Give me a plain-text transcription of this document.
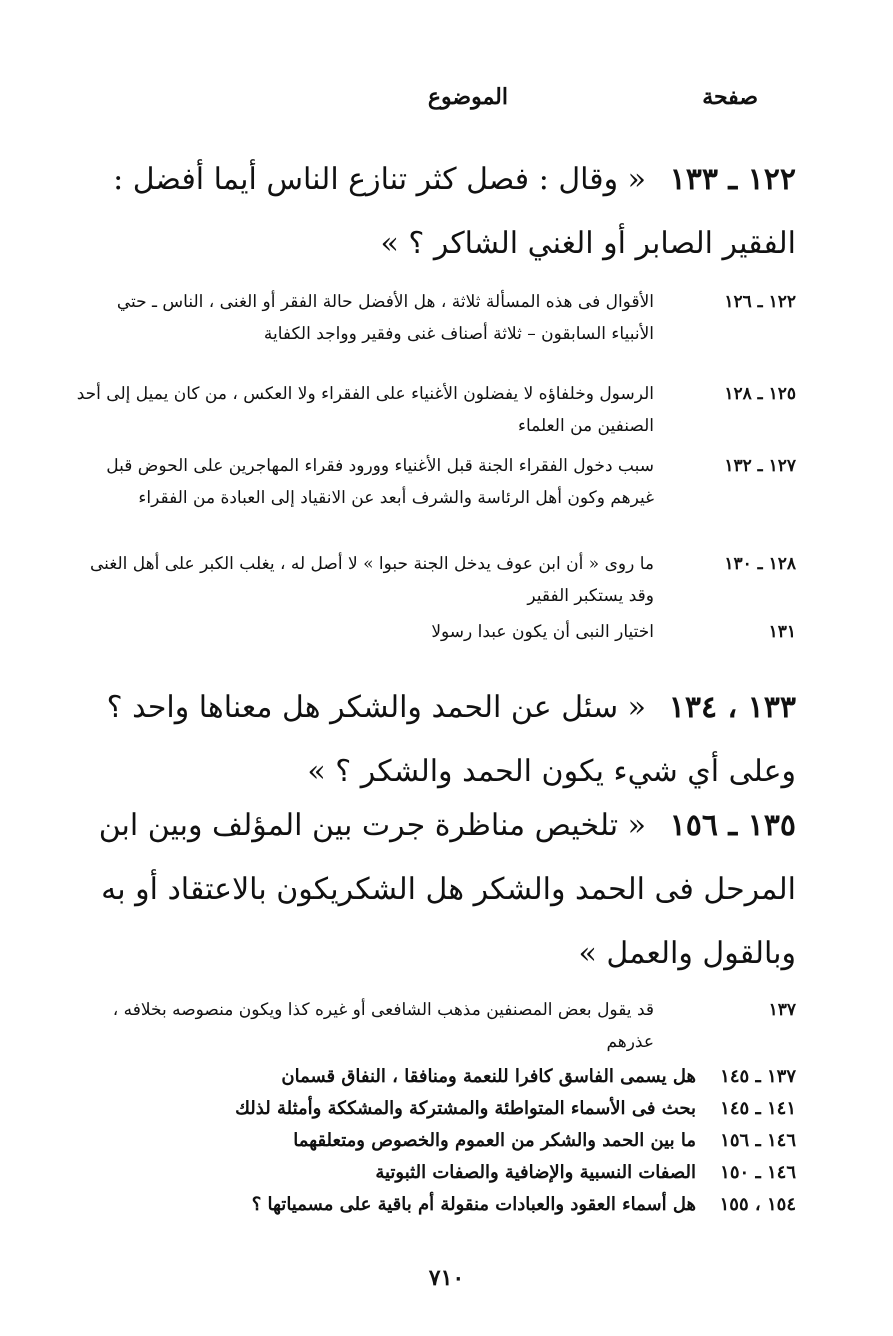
صفحة
الموضوع
١٢٢ ـ ١٣٣
« وقال : فصل كثر تنازع الناس أيما أفضل : الفقير الصابر أو الغني الشاكر ؟ »
١٢٢ ـ ١٢٦
الأقوال فى هذه المسألة ثلاثة ، هل الأفضل حالة الفقر أو الغنى ، الناس ـ حتي الأنبياء السابقون – ثلاثة أصناف غنى وفقير وواجد الكفاية
١٢٥ ـ ١٢٨
الرسول وخلفاؤه لا يفضلون الأغنياء على الفقراء ولا العكس ، من كان يميل إلى أحد الصنفين من العلماء
١٢٧ ـ ١٣٢
سبب دخول الفقراء الجنة قبل الأغنياء وورود فقراء المهاجرين على الحوض قبل غيرهم وكون أهل الرئاسة والشرف أبعد عن الانقياد إلى العبادة من الفقراء
١٢٨ ـ ١٣٠
ما روى « أن ابن عوف يدخل الجنة حبوا » لا أصل له ، يغلب الكبر على أهل الغنى وقد يستكبر الفقير
١٣١
اختيار النبى أن يكون عبدا رسولا
١٣٣ ، ١٣٤
« سئل عن الحمد والشكر هل معناها واحد ؟ وعلى أي شيء يكون الحمد والشكر ؟ »
١٣٥ ـ ١٥٦
« تلخيص مناظرة جرت بين المؤلف وبين ابن المرحل فى الحمد والشكر هل الشكريكون بالاعتقاد أو به وبالقول والعمل »
١٣٧
قد يقول بعض المصنفين مذهب الشافعى أو غيره كذا ويكون منصوصه بخلافه ، عذرهم
١٣٧ ـ ١٤٥
هل يسمى الفاسق كافرا للنعمة ومنافقا ، النفاق قسمان
١٤١ ـ ١٤٥
بحث فى الأسماء المتواطئة والمشتركة والمشككة وأمثلة لذلك
١٤٦ ـ ١٥٦
ما بين الحمد والشكر من العموم والخصوص ومتعلقهما
١٤٦ ـ ١٥٠
الصفات النسبية والإضافية والصفات الثبوتية
١٥٤ ، ١٥٥
هل أسماء العقود والعبادات منقولة أم باقية على مسمياتها ؟
٧١٠
